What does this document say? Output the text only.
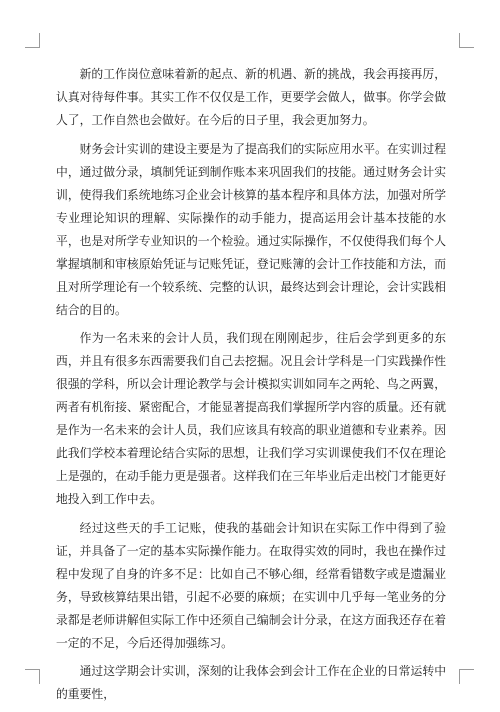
新的工作岗位意味着新的起点、新的机遇、新的挑战，我会再接再厉，认真对待每件事。其实工作不仅仅是工作，更要学会做人，做事。你学会做人了，工作自然也会做好。在今后的日子里，我会更加努力。

财务会计实训的建设主要是为了提高我们的实际应用水平。在实训过程中，通过做分录，填制凭证到制作账本来巩固我们的技能。通过财务会计实训，使得我们系统地练习企业会计核算的基本程序和具体方法，加强对所学专业理论知识的理解、实际操作的动手能力，提高运用会计基本技能的水平，也是对所学专业知识的一个检验。通过实际操作，不仅使得我们每个人掌握填制和审核原始凭证与记账凭证，登记账簿的会计工作技能和方法，而且对所学理论有一个较系统、完整的认识，最终达到会计理论，会计实践相结合的目的。

作为一名未来的会计人员，我们现在刚刚起步，往后会学到更多的东西，并且有很多东西需要我们自己去挖掘。况且会计学科是一门实践操作性很强的学科，所以会计理论教学与会计模拟实训如同车之两轮、鸟之两翼，两者有机衔接、紧密配合，才能显著提高我们掌握所学内容的质量。还有就是作为一名未来的会计人员，我们应该具有较高的职业道德和专业素养。因此我们学校本着理论结合实际的思想，让我们学习实训课使我们不仅在理论上是强的，在动手能力更是强者。这样我们在三年毕业后走出校门才能更好地投入到工作中去。

经过这些天的手工记账，使我的基础会计知识在实际工作中得到了验证，并具备了一定的基本实际操作能力。在取得实效的同时，我也在操作过程中发现了自身的许多不足：比如自己不够心细，经常看错数字或是遗漏业务，导致核算结果出错，引起不必要的麻烦；在实训中几乎每一笔业务的分录都是老师讲解但实际工作中还须自己编制会计分录，在这方面我还存在着一定的不足，今后还得加强练习。

通过这学期会计实训，深刻的让我体会到会计工作在企业的日常运转中的重要性，
